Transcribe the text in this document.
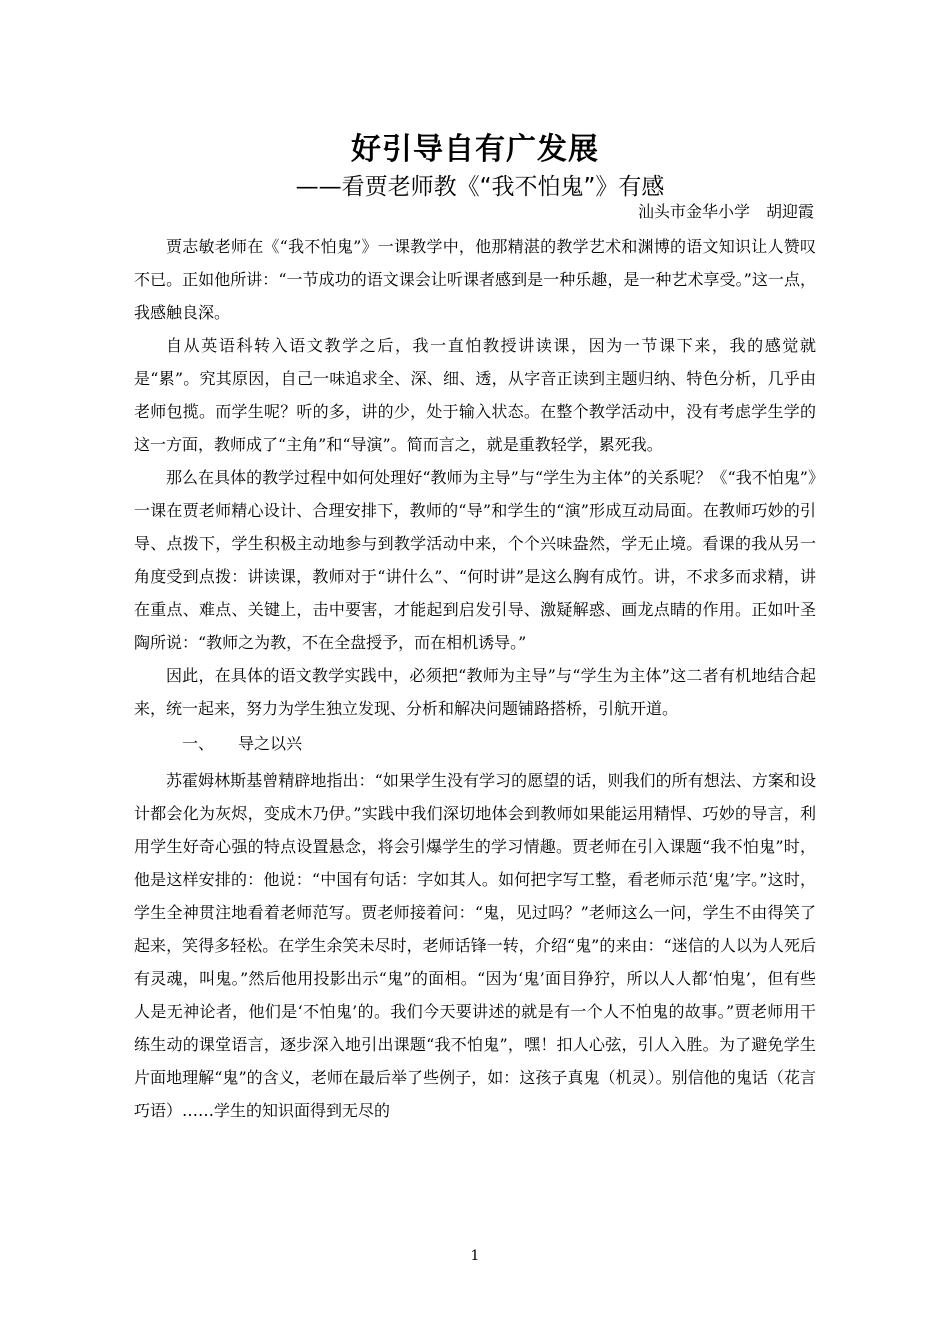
好引导自有广发展
——看贾老师教《“我不怕鬼”》有感
汕头市金华小学　胡迎霞

贾志敏老师在《“我不怕鬼”》一课教学中，他那精湛的教学艺术和渊博的语文知识让人赞叹不已。正如他所讲：“一节成功的语文课会让听课者感到是一种乐趣，是一种艺术享受。”这一点，我感触良深。

自从英语科转入语文教学之后，我一直怕教授讲读课，因为一节课下来，我的感觉就是“累”。究其原因，自己一味追求全、深、细、透，从字音正读到主题归纳、特色分析，几乎由老师包揽。而学生呢？听的多，讲的少，处于输入状态。在整个教学活动中，没有考虑学生学的这一方面，教师成了“主角”和“导演”。简而言之，就是重教轻学，累死我。

那么在具体的教学过程中如何处理好“教师为主导”与“学生为主体”的关系呢？《“我不怕鬼”》一课在贾老师精心设计、合理安排下，教师的“导”和学生的“演”形成互动局面。在教师巧妙的引导、点拨下，学生积极主动地参与到教学活动中来，个个兴味盎然，学无止境。看课的我从另一角度受到点拨：讲读课，教师对于“讲什么”、“何时讲”是这么胸有成竹。讲，不求多而求精，讲在重点、难点、关键上，击中要害，才能起到启发引导、激疑解惑、画龙点睛的作用。正如叶圣陶所说：“教师之为教，不在全盘授予，而在相机诱导。”

因此，在具体的语文教学实践中，必须把“教师为主导”与“学生为主体”这二者有机地结合起来，统一起来，努力为学生独立发现、分析和解决问题铺路搭桥，引航开道。

一、 导之以兴

苏霍姆林斯基曾精辟地指出：“如果学生没有学习的愿望的话，则我们的所有想法、方案和设计都会化为灰烬，变成木乃伊。”实践中我们深切地体会到教师如果能运用精悍、巧妙的导言，利用学生好奇心强的特点设置悬念，将会引爆学生的学习情趣。贾老师在引入课题“我不怕鬼”时，他是这样安排的：他说：“中国有句话：字如其人。如何把字写工整，看老师示范‘鬼’字。”这时，学生全神贯注地看着老师范写。贾老师接着问：“鬼，见过吗？”老师这么一问，学生不由得笑了起来，笑得多轻松。在学生余笑未尽时，老师话锋一转，介绍“鬼”的来由：“迷信的人以为人死后有灵魂，叫鬼。”然后他用投影出示“鬼”的面相。“因为‘鬼’面目狰狞，所以人人都‘怕鬼’，但有些人是无神论者，他们是‘不怕鬼’的。我们今天要讲述的就是有一个人不怕鬼的故事。”贾老师用干练生动的课堂语言，逐步深入地引出课题“我不怕鬼”，嘿！扣人心弦，引人入胜。为了避免学生片面地理解“鬼”的含义，老师在最后举了些例子，如：这孩子真鬼（机灵）。别信他的鬼话（花言巧语）……学生的知识面得到无尽的

1
